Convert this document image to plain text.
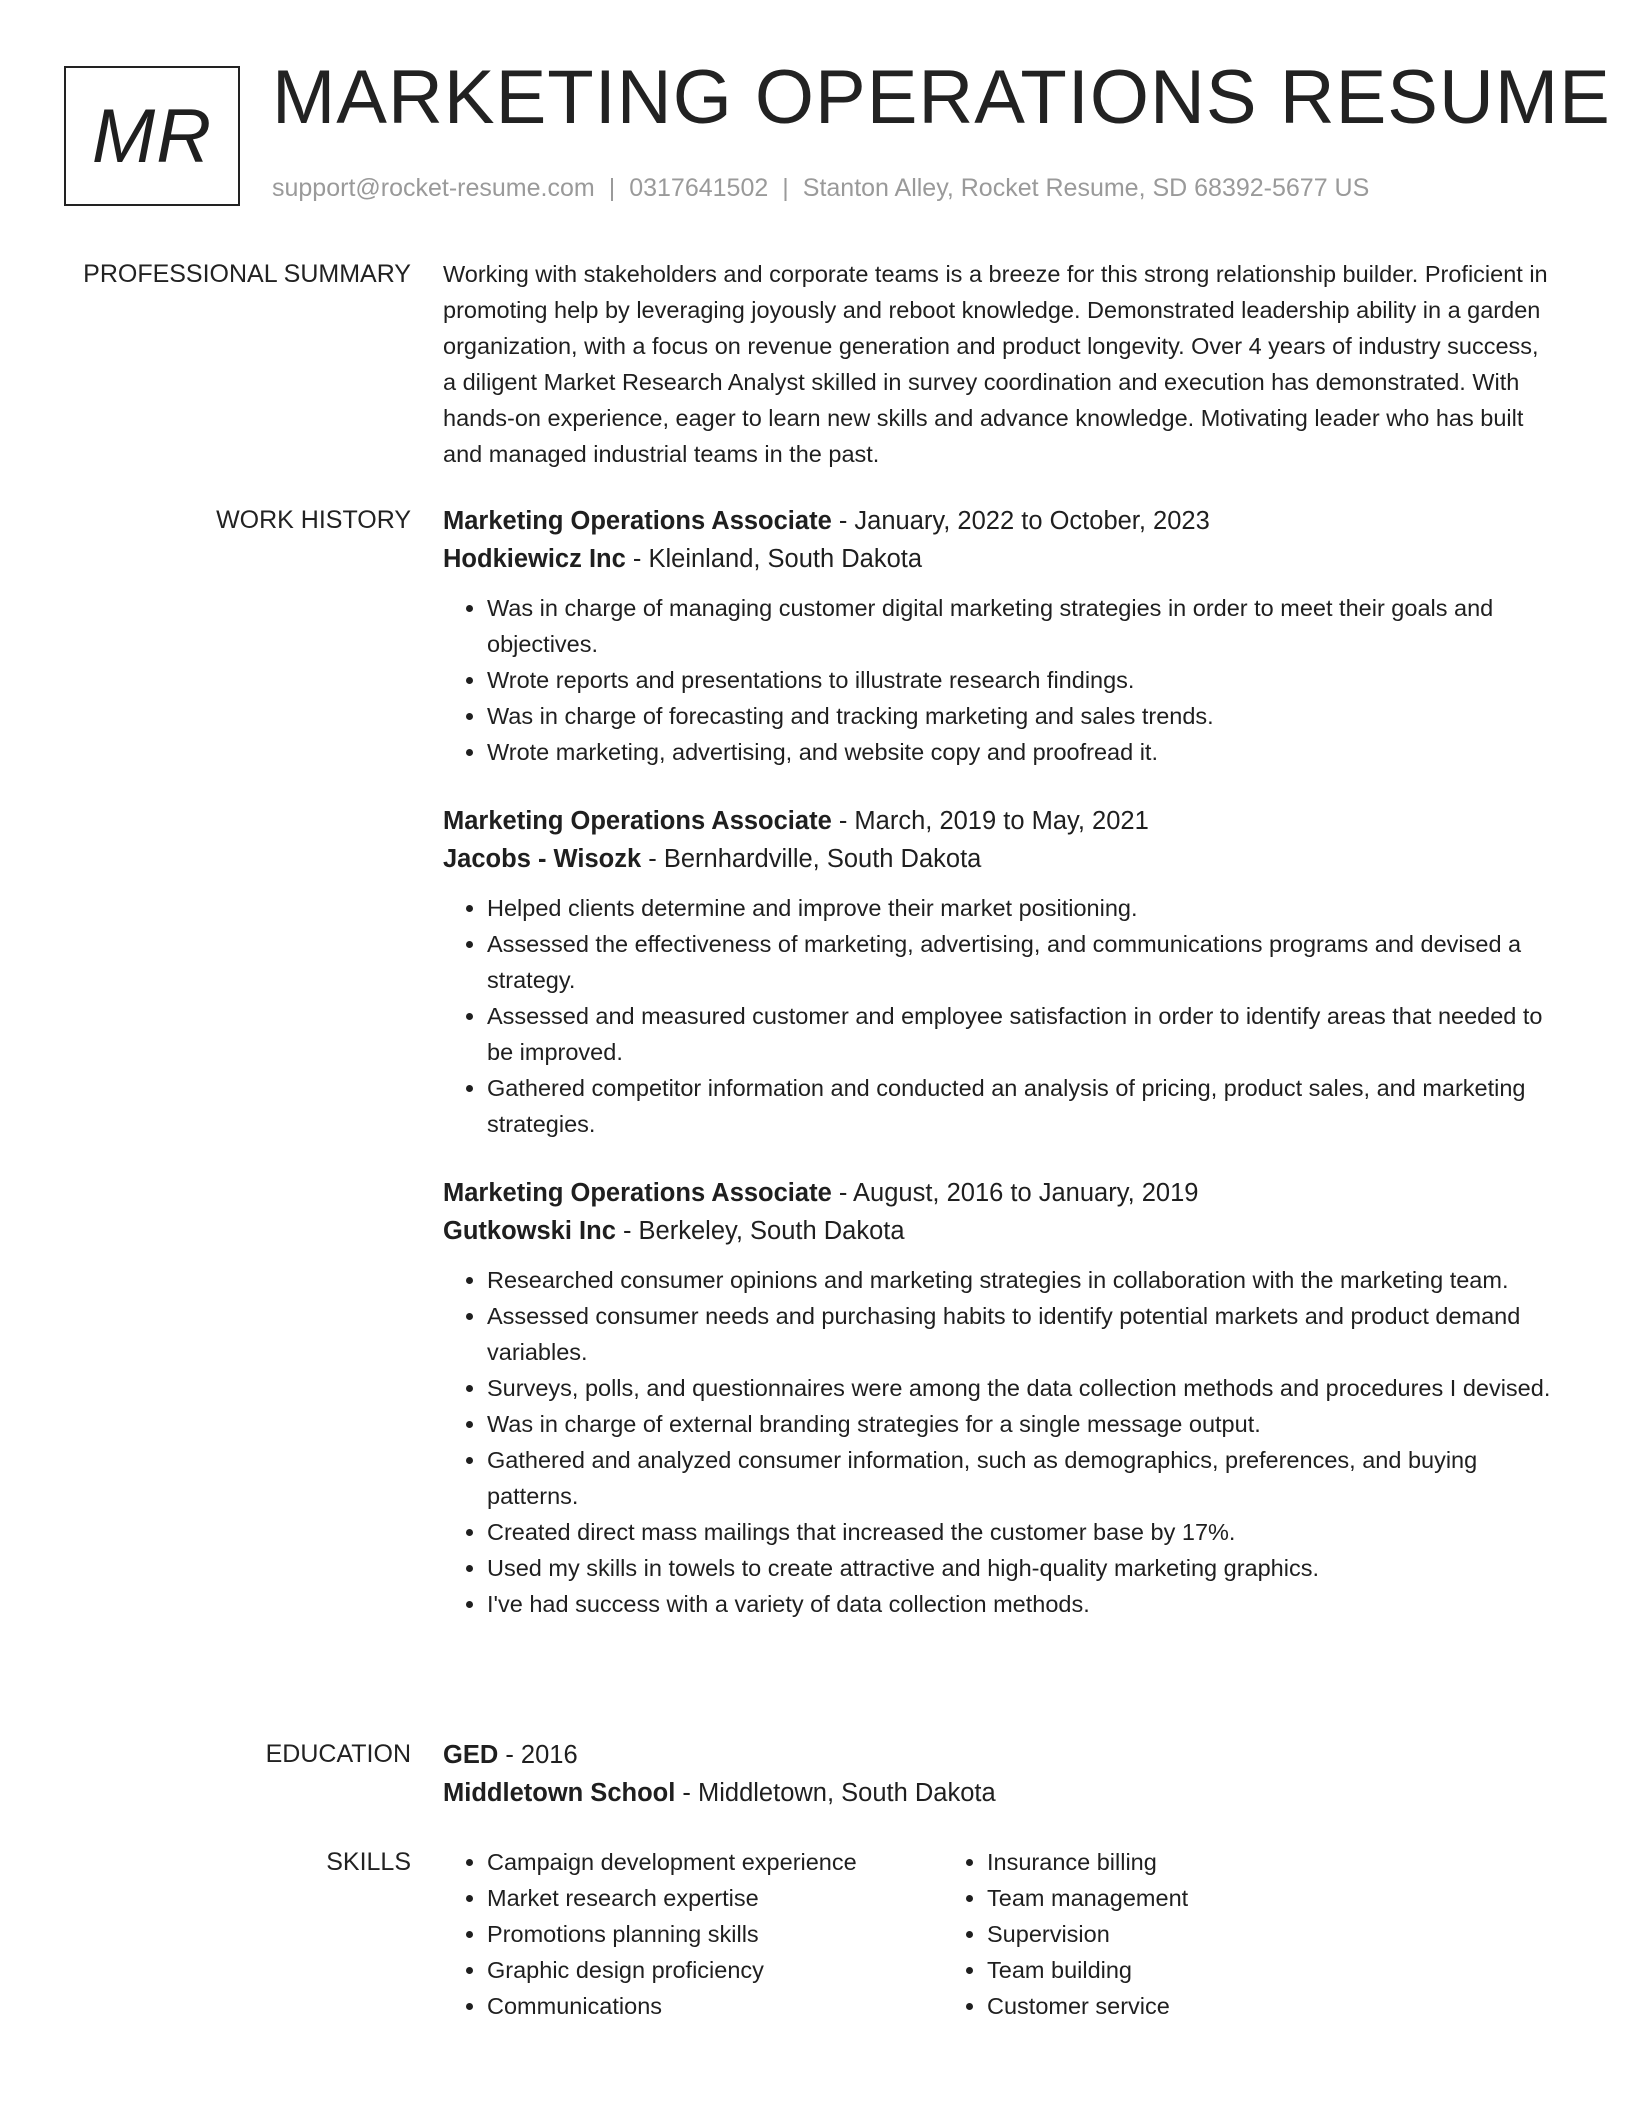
MR MARKETING OPERATIONS RESUME
support@rocket-resume.com | 0317641502 | Stanton Alley, Rocket Resume, SD 68392-5677 US
PROFESSIONAL SUMMARY Working with stakeholders and corporate teams is a breeze for this strong relationship builder. Proficient in promoting help by leveraging joyously and reboot knowledge. Demonstrated leadership ability in a garden organization, with a focus on revenue generation and product longevity. Over 4 years of industry success, a diligent Market Research Analyst skilled in survey coordination and execution has demonstrated. With hands-on experience, eager to learn new skills and advance knowledge. Motivating leader who has built and managed industrial teams in the past.

WORK HISTORY Marketing Operations Associate - January, 2022 to October, 2023

Hodkiewicz Inc - Kleinland, South Dakota

• Was in charge of managing customer digital marketing strategies in order to meet their goals and objectives.
• Wrote reports and presentations to illustrate research findings.
• Was in charge of forecasting and tracking marketing and sales trends.
• Wrote marketing, advertising, and website copy and proofread it.

Marketing Operations Associate - March, 2019 to May, 2021

Jacobs - Wisozk - Bernhardville, South Dakota

• Helped clients determine and improve their market positioning.
• Assessed the effectiveness of marketing, advertising, and communications programs and devised a strategy.
• Assessed and measured customer and employee satisfaction in order to identify areas that needed to be improved.
• Gathered competitor information and conducted an analysis of pricing, product sales, and marketing strategies.

Marketing Operations Associate - August, 2016 to January, 2019

Gutkowski Inc - Berkeley, South Dakota

• Researched consumer opinions and marketing strategies in collaboration with the marketing team.
• Assessed consumer needs and purchasing habits to identify potential markets and product demand variables.
• Surveys, polls, and questionnaires were among the data collection methods and procedures I devised.
• Was in charge of external branding strategies for a single message output.
• Gathered and analyzed consumer information, such as demographics, preferences, and buying patterns.
• Created direct mass mailings that increased the customer base by 17%.
• Used my skills in towels to create attractive and high-quality marketing graphics.
• I've had success with a variety of data collection methods.
EDUCATION GED - 2016

Middletown School - Middletown, South Dakota

SKILLS
•	Campaign development experience
• Market research expertise
• Promotions planning skills
• Graphic design proficiency
• Communications
• Insurance billing
• Team management
• Supervision
• Team building
• Customer service
